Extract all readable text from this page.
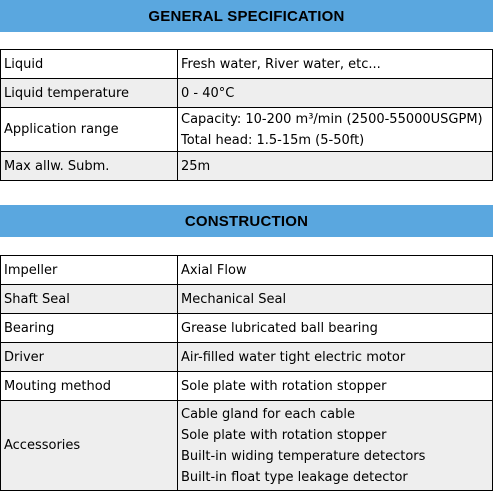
GENERAL SPECIFICATION
Liquid	Fresh water, River water, etc...
Liquid temperature	0 - 40°C
Application range	Capacity: 10-200 m³/min (2500-55000USGPM)
Total head: 1.5-15m (5-50ft)

Max allw. Subm.	25m
CONSTRUCTION
Impeller	Axial Flow
Shaft Seal	Mechanical Seal
Bearing	Grease lubricated ball bearing
Driver	Air-filled water tight electric motor
Mouting method	Sole plate with rotation stopper
Accessories	Cable gland for each cable
Sole plate with rotation stopper
Built-in widing temperature detectors
Built-in float type leakage detector
